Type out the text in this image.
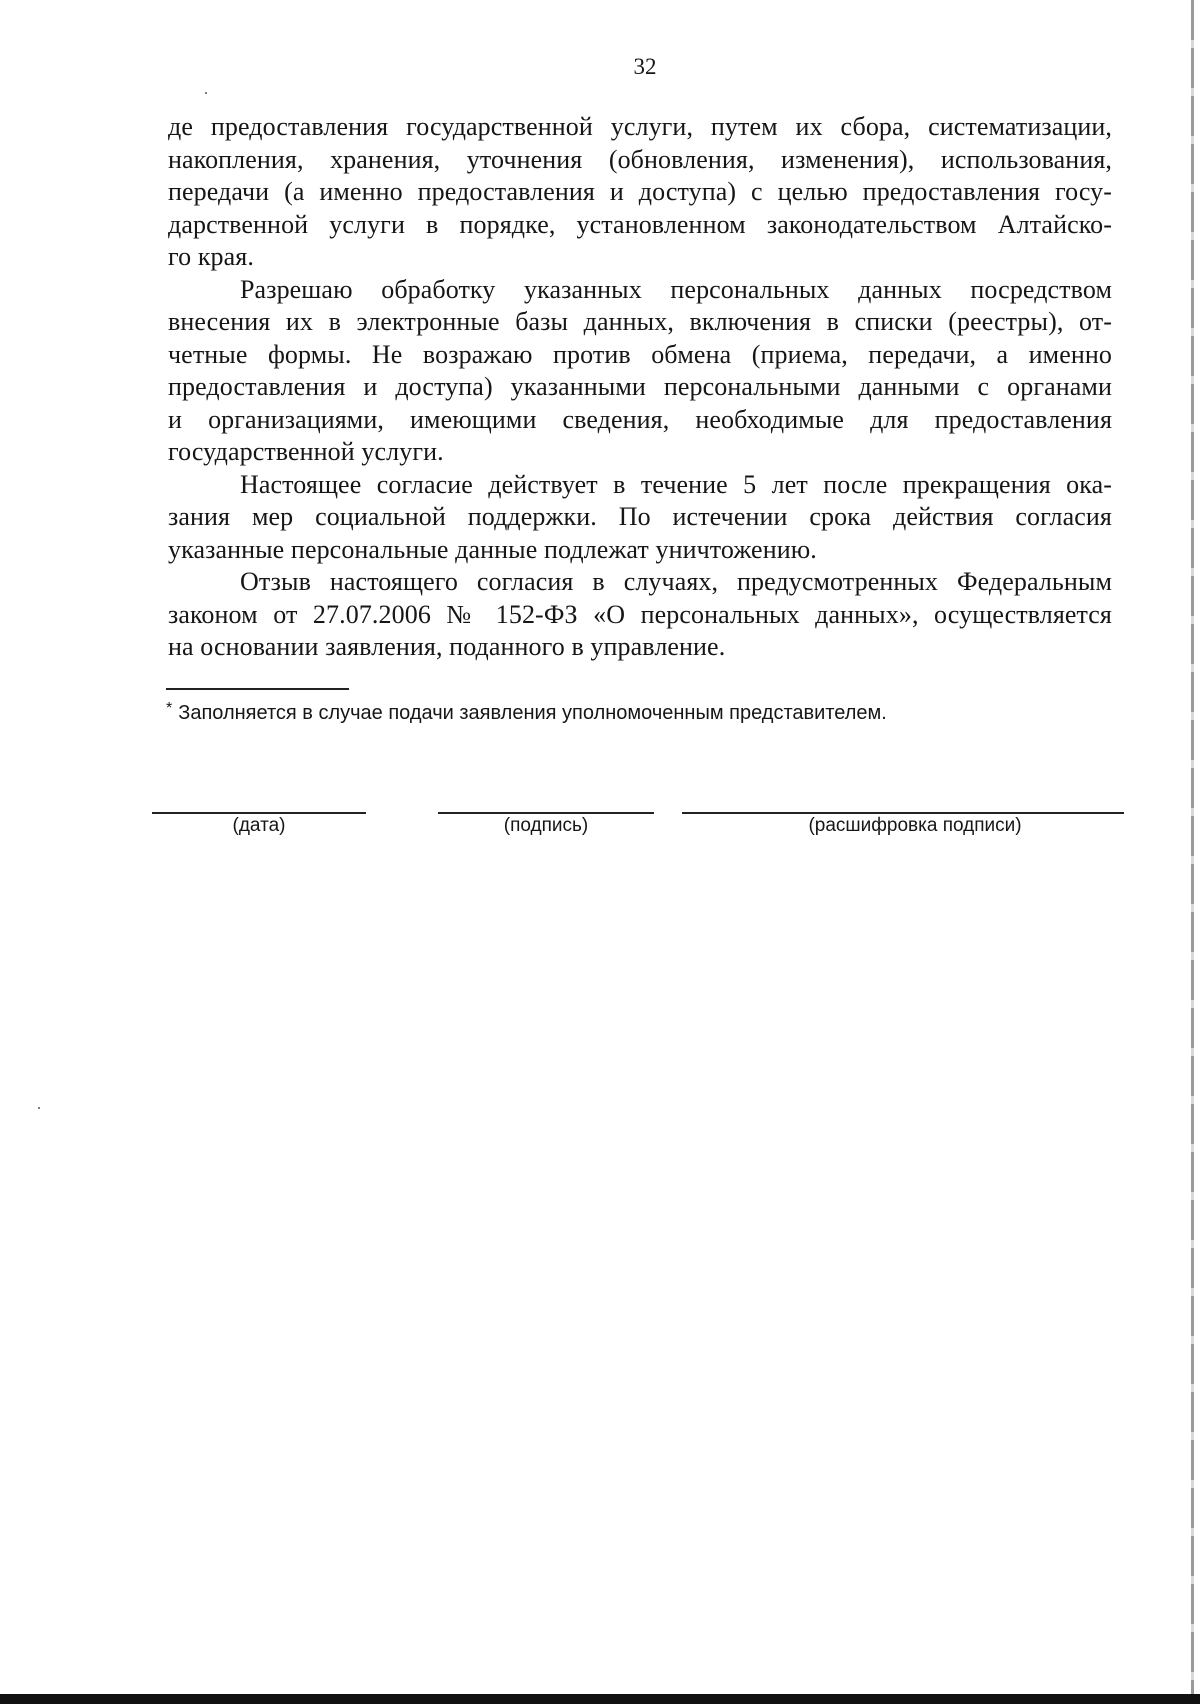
32
де предоставления государственной услуги, путем их сбора, систематизации,
накопления, хранения, уточнения (обновления, изменения), использования,
передачи (а именно предоставления и доступа) с целью предоставления госу-
дарственной услуги в порядке, установленном законодательством Алтайско-
го края.
Разрешаю обработку указанных персональных данных посредством
внесения их в электронные базы данных, включения в списки (реестры), от-
четные формы. Не возражаю против обмена (приема, передачи, а именно
предоставления и доступа) указанными персональными данными с органами
и организациями, имеющими сведения, необходимые для предоставления
государственной услуги.
Настоящее согласие действует в течение 5 лет после прекращения ока-
зания мер социальной поддержки. По истечении срока действия согласия
указанные персональные данные подлежат уничтожению.
Отзыв настоящего согласия в случаях, предусмотренных Федеральным
законом от 27.07.2006 № 152-ФЗ «О персональных данных», осуществляется
на основании заявления, поданного в управление.
* Заполняется в случае подачи заявления уполномоченным представителем.
(дата)	(подпись)	(расшифровка подписи)
